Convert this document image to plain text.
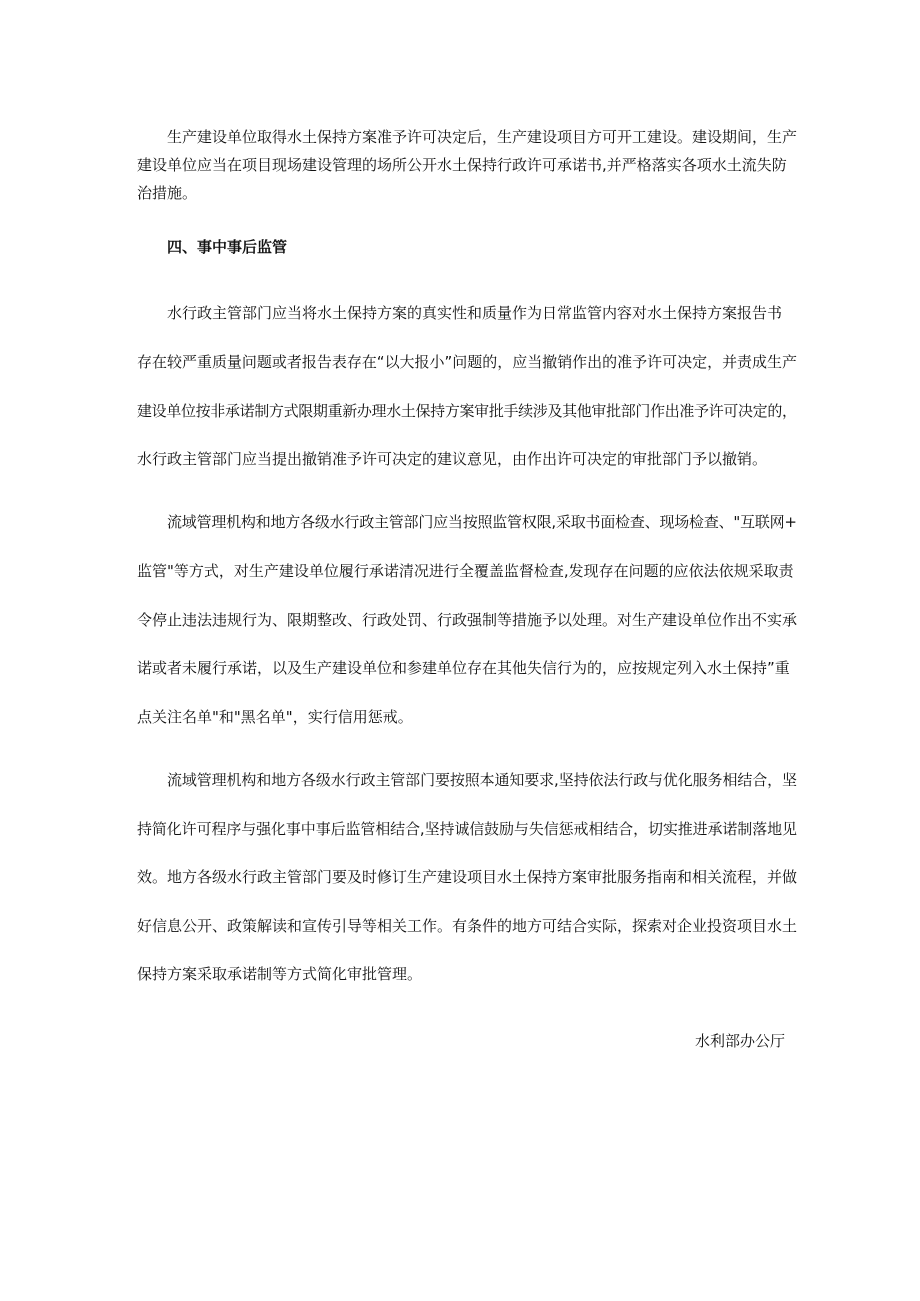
生产建设单位取得水土保持方案准予许可决定后，生产建设项目方可开工建设。建设期间，生产
建设单位应当在项目现场建设管理的场所公开水土保持行政许可承诺书,并严格落实各项水土流失防
治措施。
四、事中事后监管
水行政主管部门应当将水土保持方案的真实性和质量作为日常监管内容对水土保持方案报告书
存在较严重质量问题或者报告表存在“以大报小”问题的，应当撤销作出的准予许可决定，并责成生产
建设单位按非承诺制方式限期重新办理水土保持方案审批手续涉及其他审批部门作出准予许可决定的，
水行政主管部门应当提出撤销准予许可决定的建议意见，由作出许可决定的审批部门予以撤销。
流域管理机构和地方各级水行政主管部门应当按照监管权限,采取书面检查、现场检查、"互联网+
监管"等方式，对生产建设单位履行承诺清况进行全覆盖监督检查,发现存在问题的应依法依规采取责
令停止违法违规行为、限期整改、行政处罚、行政强制等措施予以处理。对生产建设单位作出不实承
诺或者未履行承诺，以及生产建设单位和参建单位存在其他失信行为的，应按规定列入水土保持”重
点关注名单"和"黑名单"，实行信用惩戒。
流域管理机构和地方各级水行政主管部门要按照本通知要求,坚持依法行政与优化服务相结合，坚
持简化许可程序与强化事中事后监管相结合,坚持诚信鼓励与失信惩戒相结合，切实推进承诺制落地见
效。地方各级水行政主管部门要及时修订生产建设项目水土保持方案审批服务指南和相关流程，并做
好信息公开、政策解读和宣传引导等相关工作。有条件的地方可结合实际，探索对企业投资项目水土
保持方案采取承诺制等方式简化审批管理。
水利部办公厅
